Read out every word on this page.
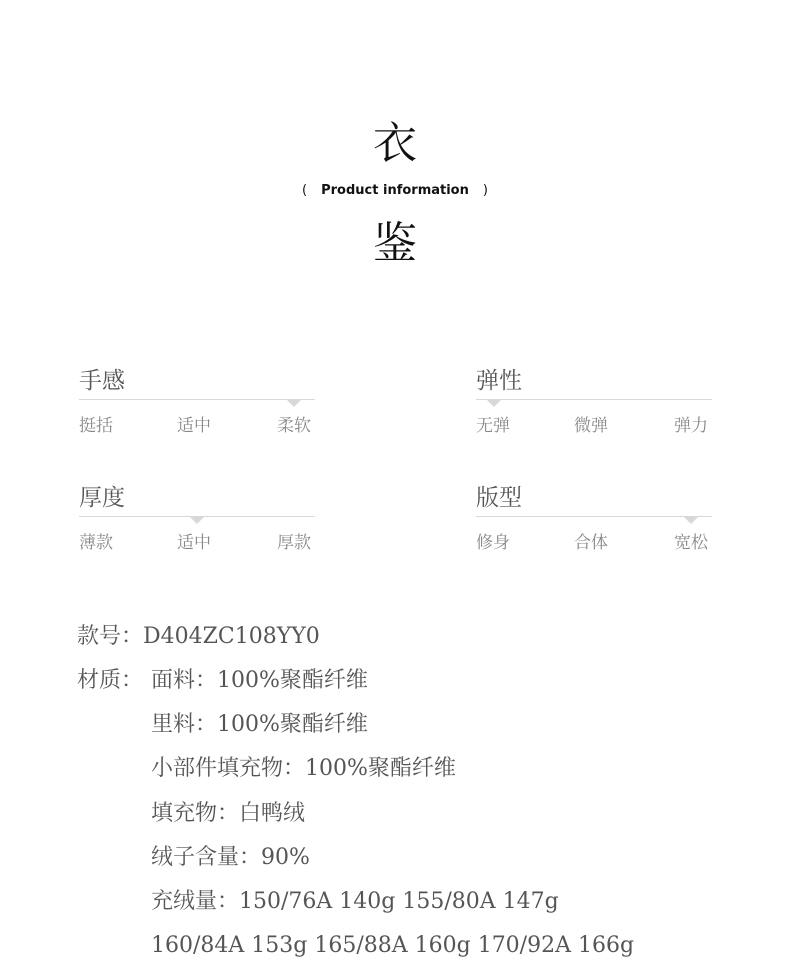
衣
( Product information )
鉴
手感
挺括	适中	柔软
弹性
无弹	微弹	弹力
厚度
薄款	适中	厚款
版型
修身	合体	宽松
款号：D404ZC108YY0
材质： 面料：100%聚酯纤维
里料：100%聚酯纤维
小部件填充物：100%聚酯纤维
填充物：白鸭绒
绒子含量：90%
充绒量：150/76A 140g 155/80A 147g
160/84A 153g 165/88A 160g 170/92A 166g
